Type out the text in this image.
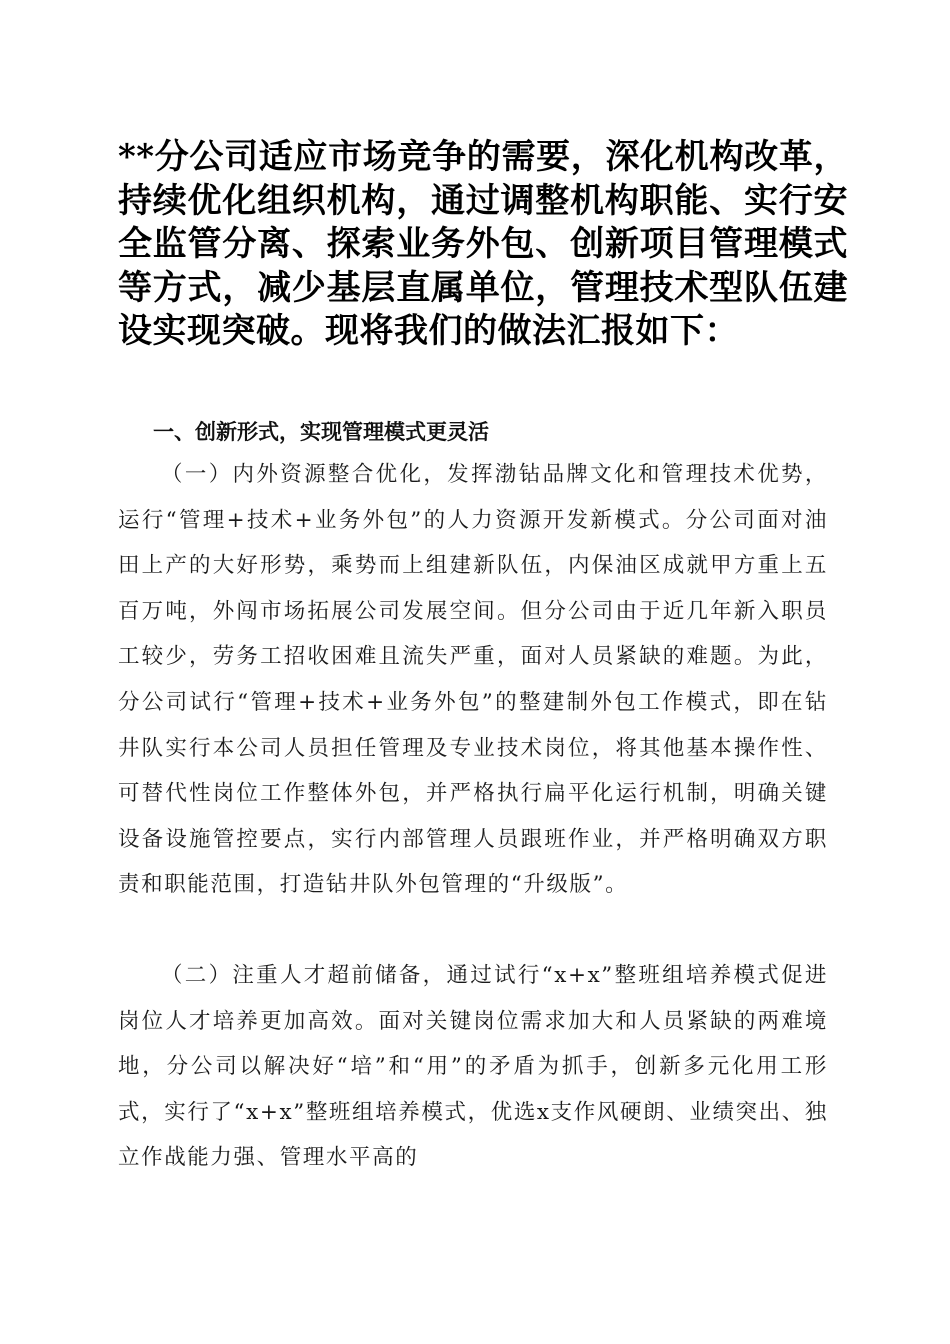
**分公司适应市场竞争的需要，深化机构改革，持续优化组织机构，通过调整机构职能、实行安全监管分离、探索业务外包、创新项目管理模式等方式，减少基层直属单位，管理技术型队伍建设实现突破。现将我们的做法汇报如下：
一、创新形式，实现管理模式更灵活

（一）内外资源整合优化，发挥渤钻品牌文化和管理技术优势，运行“管理+技术+业务外包”的人力资源开发新模式。分公司面对油田上产的大好形势，乘势而上组建新队伍，内保油区成就甲方重上五百万吨，外闯市场拓展公司发展空间。但分公司由于近几年新入职员工较少，劳务工招收困难且流失严重，面对人员紧缺的难题。为此，分公司试行“管理+技术+业务外包”的整建制外包工作模式，即在钻井队实行本公司人员担任管理及专业技术岗位，将其他基本操作性、可替代性岗位工作整体外包，并严格执行扁平化运行机制，明确关键设备设施管控要点，实行内部管理人员跟班作业，并严格明确双方职责和职能范围，打造钻井队外包管理的“升级版”。

（二）注重人才超前储备，通过试行“x+x”整班组培养模式促进岗位人才培养更加高效。面对关键岗位需求加大和人员紧缺的两难境地，分公司以解决好“培”和“用”的矛盾为抓手，创新多元化用工形式，实行了“x+x”整班组培养模式，优选x支作风硬朗、业绩突出、独立作战能力强、管理水平高的
